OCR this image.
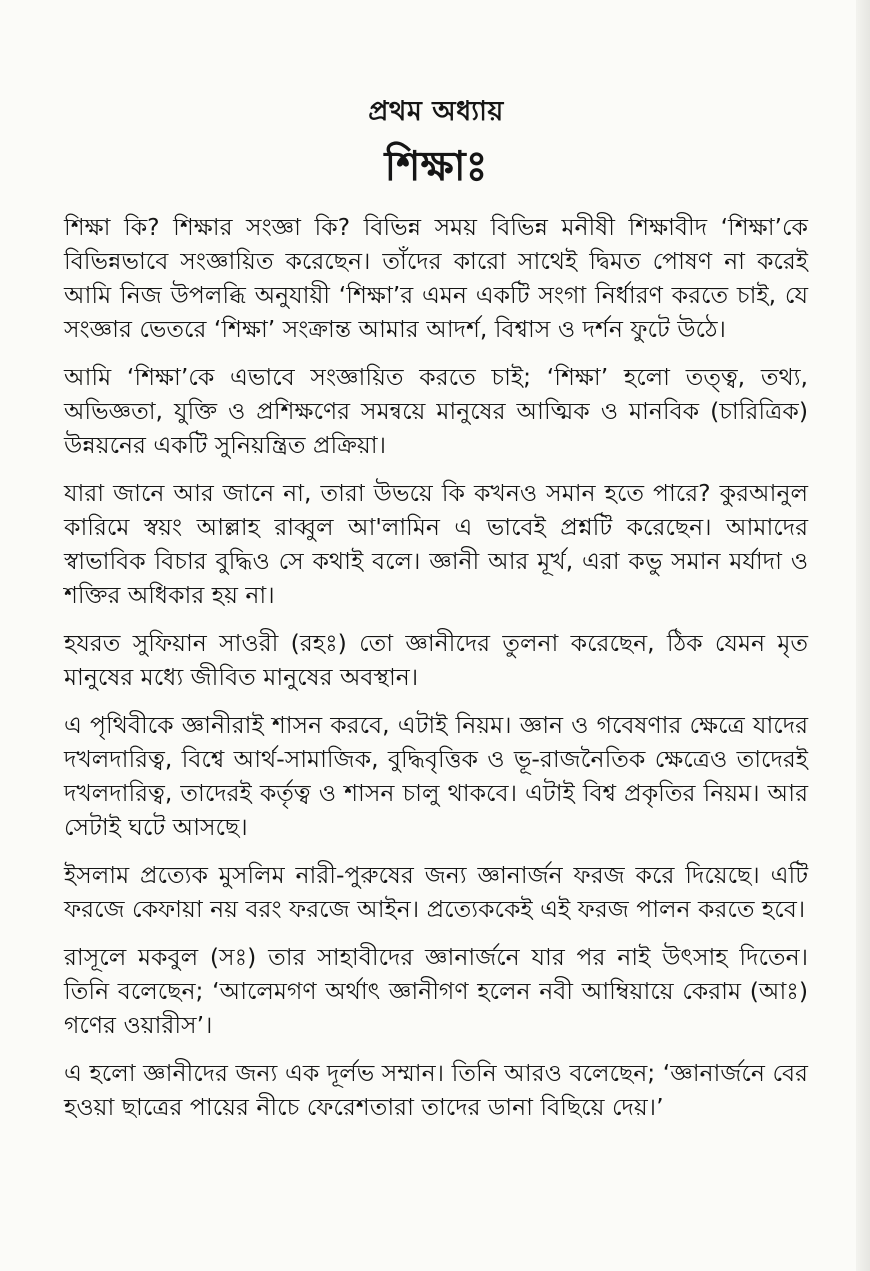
প্রথম অধ্যায়
শিক্ষাঃ

শিক্ষা কি? শিক্ষার সংজ্ঞা কি? বিভিন্ন সময় বিভিন্ন মনীষী শিক্ষাবীদ ‘শিক্ষা’কে বিভিন্নভাবে সংজ্ঞায়িত করেছেন। তাঁদের কারো সাথেই দ্বিমত পোষণ না করেই আমি নিজ উপলব্ধি অনুযায়ী ‘শিক্ষা’র এমন একটি সংগা নির্ধারণ করতে চাই, যে সংজ্ঞার ভেতরে ‘শিক্ষা’ সংক্রান্ত আমার আদর্শ, বিশ্বাস ও দর্শন ফুটে উঠে।

আমি ‘শিক্ষা’কে এভাবে সংজ্ঞায়িত করতে চাই; ‘শিক্ষা’ হলো তত্ত্ব, তথ্য, অভিজ্ঞতা, যুক্তি ও প্রশিক্ষণের সমন্বয়ে মানুষের আত্মিক ও মানবিক (চারিত্রিক) উন্নয়নের একটি সুনিয়ন্ত্রিত প্রক্রিয়া।

যারা জানে আর জানে না, তারা উভয়ে কি কখনও সমান হতে পারে? কুরআনুল কারিমে স্বয়ং আল্লাহ রাব্বুল আ'লামিন এ ভাবেই প্রশ্নটি করেছেন। আমাদের স্বাভাবিক বিচার বুদ্ধিও সে কথাই বলে। জ্ঞানী আর মূর্খ, এরা কভু সমান মর্যাদা ও শক্তির অধিকার হয় না।

হযরত সুফিয়ান সাওরী (রহঃ) তো জ্ঞানীদের তুলনা করেছেন, ঠিক যেমন মৃত মানুষের মধ্যে জীবিত মানুষের অবস্থান।

এ পৃথিবীকে জ্ঞানীরাই শাসন করবে, এটাই নিয়ম। জ্ঞান ও গবেষণার ক্ষেত্রে যাদের দখলদারিত্ব, বিশ্বে আর্থ-সামাজিক, বুদ্ধিবৃত্তিক ও ভূ-রাজনৈতিক ক্ষেত্রেও তাদেরই দখলদারিত্ব, তাদেরই কর্তৃত্ব ও শাসন চালু থাকবে। এটাই বিশ্ব প্রকৃতির নিয়ম। আর সেটাই ঘটে আসছে।

ইসলাম প্রত্যেক মুসলিম নারী-পুরুষের জন্য জ্ঞানার্জন ফরজ করে দিয়েছে। এটি ফরজে কেফায়া নয় বরং ফরজে আইন। প্রত্যেককেই এই ফরজ পালন করতে হবে।

রাসূলে মকবুল (সঃ) তার সাহাবীদের জ্ঞানার্জনে যার পর নাই উৎসাহ দিতেন। তিনি বলেছেন; ‘আলেমগণ অর্থাৎ জ্ঞানীগণ হলেন নবী আম্বিয়ায়ে কেরাম (আঃ) গণের ওয়ারীস’।

এ হলো জ্ঞানীদের জন্য এক দূর্লভ সম্মান। তিনি আরও বলেছেন; ‘জ্ঞানার্জনে বের হওয়া ছাত্রের পায়ের নীচে ফেরেশতারা তাদের ডানা বিছিয়ে দেয়।’
